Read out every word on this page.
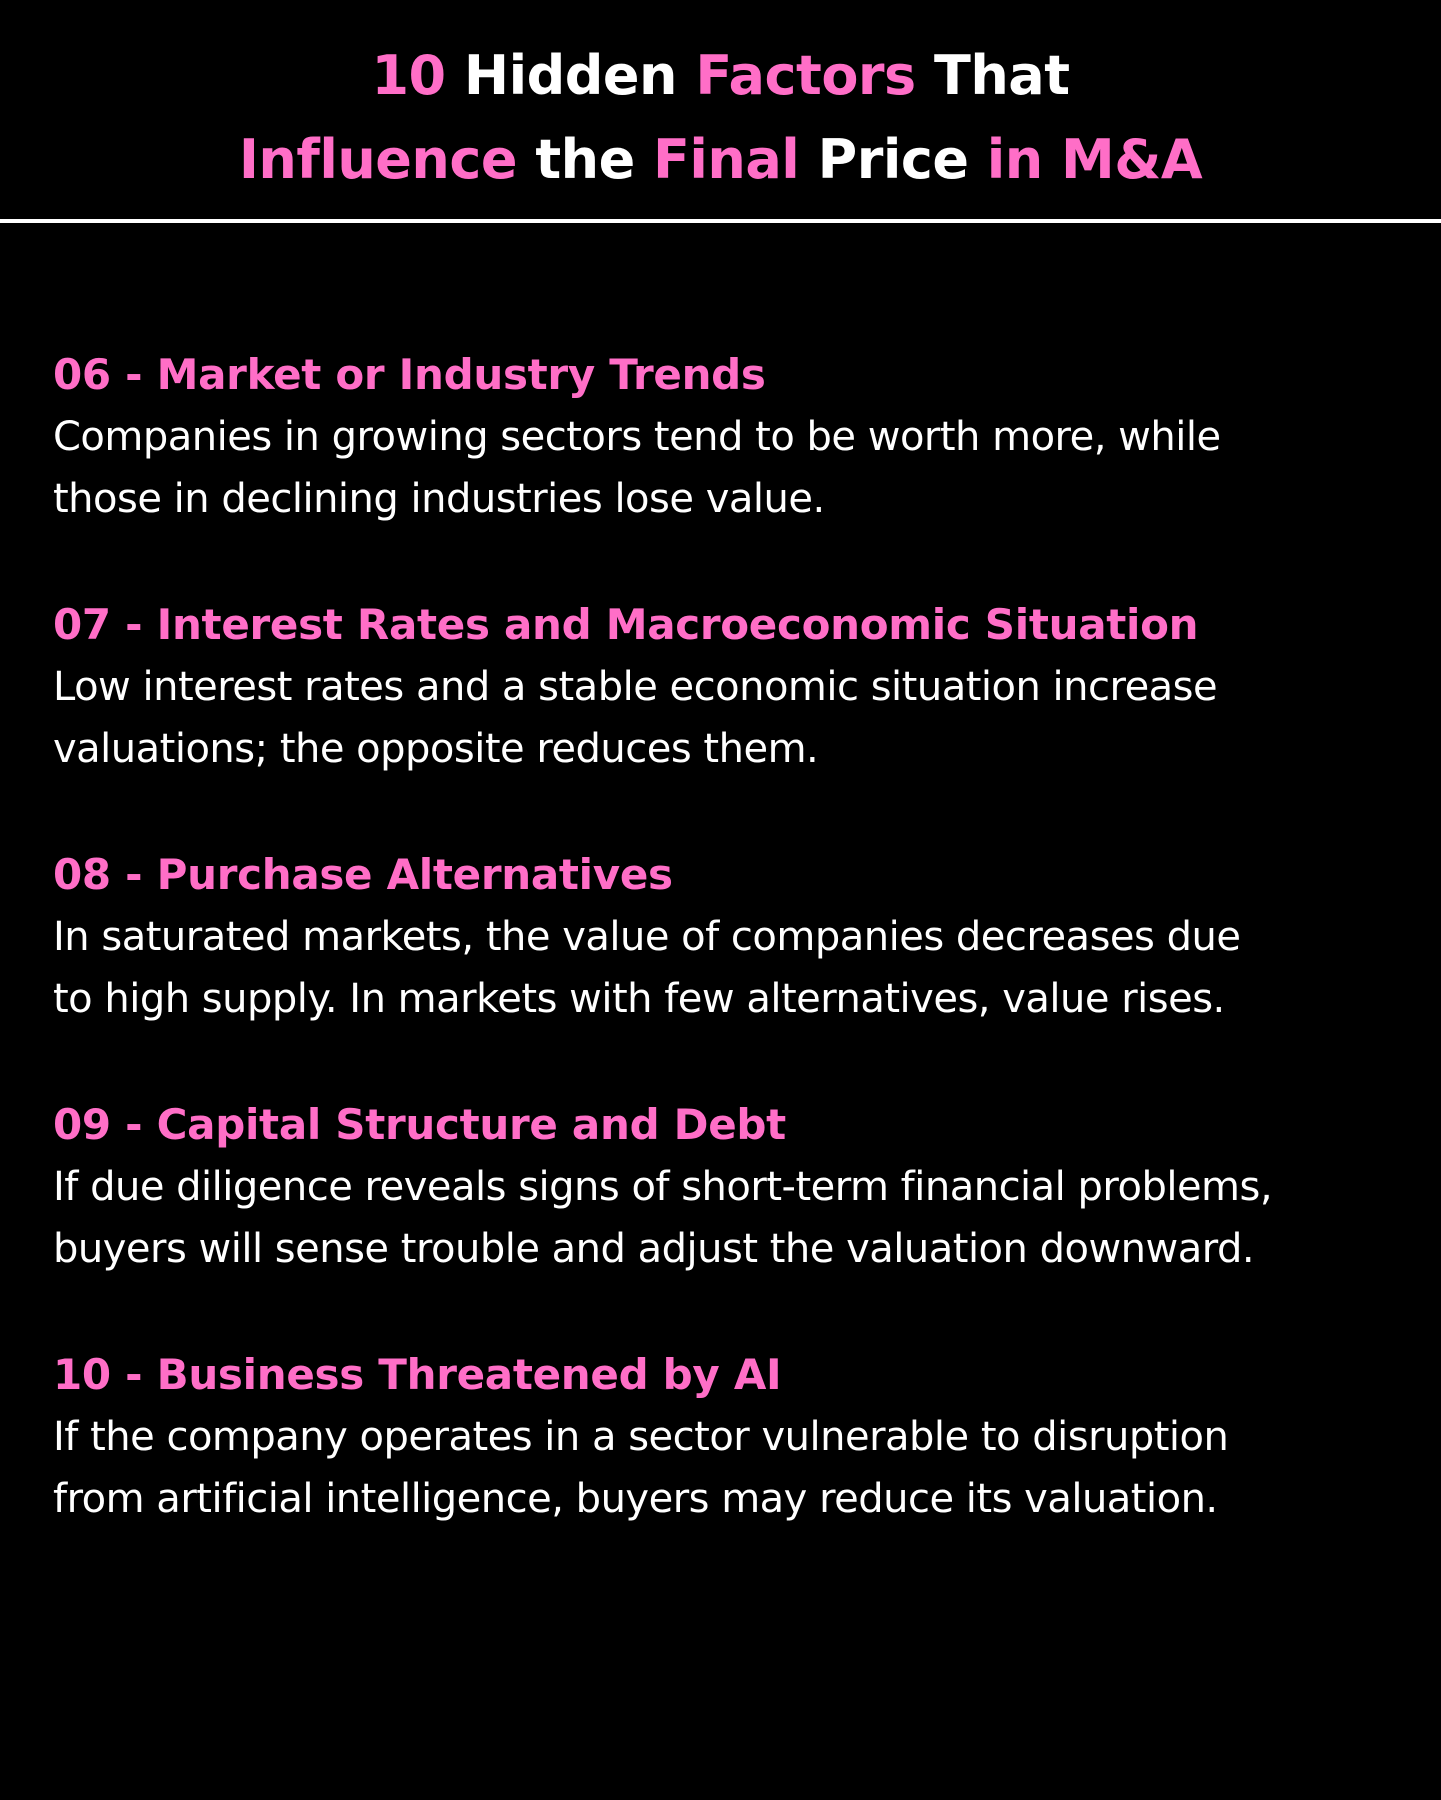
10 Hidden Factors That
Influence the Final Price in M&A
06 - Market or Industry Trends
Companies in growing sectors tend to be worth more, while
those in declining industries lose value.
07 - Interest Rates and Macroeconomic Situation
Low interest rates and a stable economic situation increase
valuations; the opposite reduces them.
08 - Purchase Alternatives
In saturated markets, the value of companies decreases due
to high supply. In markets with few alternatives, value rises.
09 - Capital Structure and Debt
If due diligence reveals signs of short-term financial problems,
buyers will sense trouble and adjust the valuation downward.
10 - Business Threatened by AI
If the company operates in a sector vulnerable to disruption
from artificial intelligence, buyers may reduce its valuation.
